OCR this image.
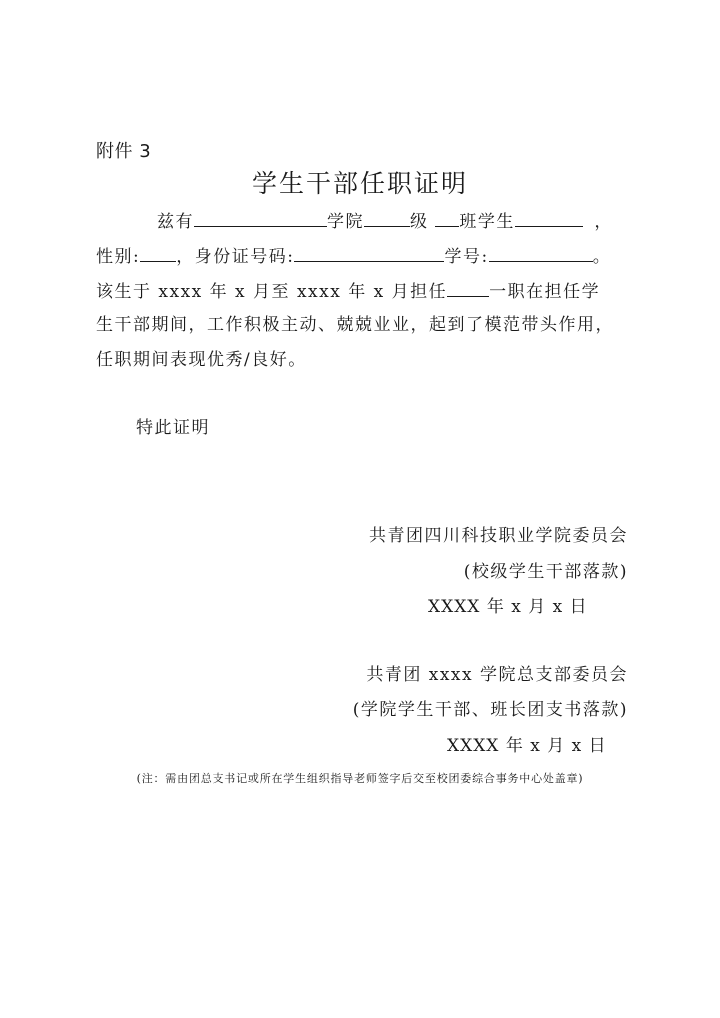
附件 3
学生干部任职证明
兹有	学院	级 班学生	，
性别: ，身份证号码:	学号:	。
该生于 xxxx 年 x 月至 xxxx 年 x 月担任 一职在担任学
生干部期间，工作积极主动、兢兢业业，起到了模范带头作用，
任职期间表现优秀/良好。
特此证明
共青团四川科技职业学院委员会
(校级学生干部落款)
XXXX 年 x 月 x 日
共青团 xxxx 学院总支部委员会
(学院学生干部、班长团支书落款)
XXXX 年 x 月 x 日
(注：需由团总支书记或所在学生组织指导老师签字后交至校团委综合事务中心处盖章)
